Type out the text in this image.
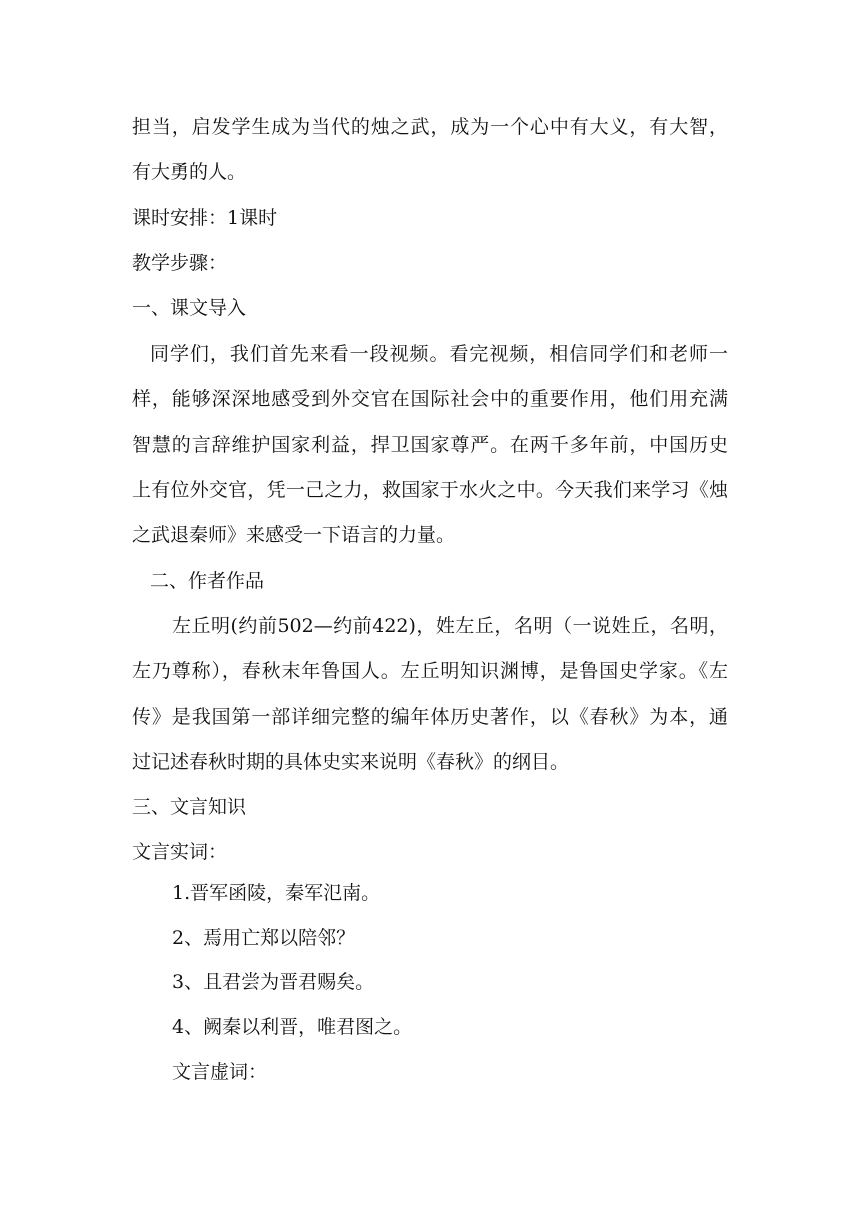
担当，启发学生成为当代的烛之武，成为一个心中有大义，有大智，
有大勇的人。
课时安排：1课时
教学步骤：
一、课文导入
同学们，我们首先来看一段视频。看完视频，相信同学们和老师一
样，能够深深地感受到外交官在国际社会中的重要作用，他们用充满
智慧的言辞维护国家利益，捍卫国家尊严。在两千多年前，中国历史
上有位外交官，凭一己之力，救国家于水火之中。今天我们来学习《烛
之武退秦师》来感受一下语言的力量。
二、作者作品
左丘明(约前502—约前422)，姓左丘，名明（一说姓丘，名明，
左乃尊称），春秋末年鲁国人。左丘明知识渊博，是鲁国史学家。《左
传》是我国第一部详细完整的编年体历史著作，以《春秋》为本，通
过记述春秋时期的具体史实来说明《春秋》的纲目。
三、文言知识
文言实词：
1.晋军函陵，秦军氾南。
2、焉用亡郑以陪邻？
3、且君尝为晋君赐矣。
4、阙秦以利晋，唯君图之。
文言虚词：
